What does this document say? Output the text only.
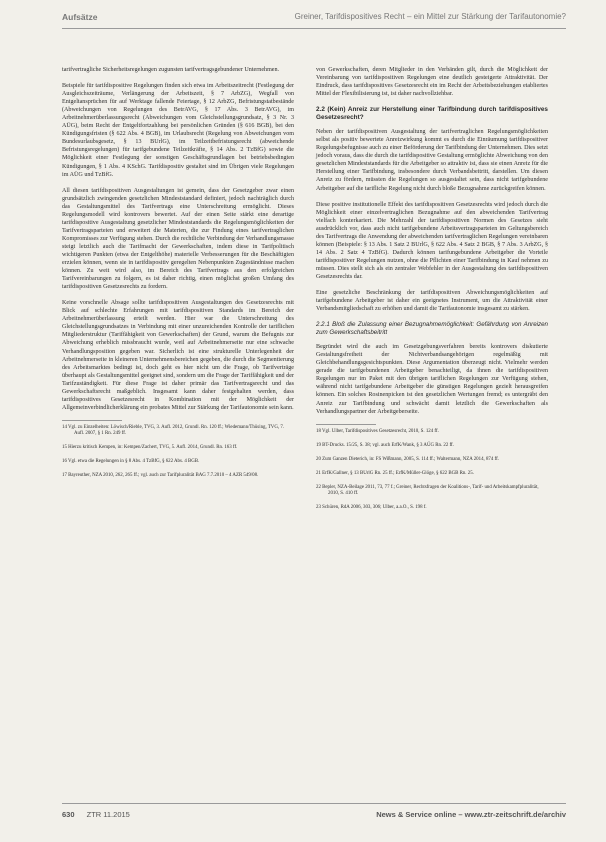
Aufsätze	Greiner, Tarifdispositives Recht – ein Mittel zur Stärkung der Tarifautonomie?

tarifvertragliche Sicherheitsregelungen zugunsten tarifvertragsgebundener Unternehmen.

Beispiele für tarifdispositive Regelungen finden sich etwa im Arbeitszeitrecht (Festlegung der Ausgleichszeiträume, Verlängerung der Arbeitszeit, § 7 ArbZG), Wegfall von Entgeltansprüchen für auf Werktage fallende Feiertage, § 12 ArbZG, Befristungstatbestände (Abweichungen von Regelungen des BetrAVG, § 17 Abs. 3 BetrAVG), im Arbeitnehmerüberlassungsrecht (Abweichungen vom Gleichstellungsgrundsatz, § 3 Nr. 3 AÜG), beim Recht der Entgeltfortzahlung bei persönlichen Gründen (§ 616 BGB), bei den Kündigungsfristen (§ 622 Abs. 4 BGB), im Urlaubsrecht (Regelung von Abweichungen vom Bundesurlaubsgesetz, § 13 BUrlG), im Teilzeitbefristungsrecht (abweichende Befristungsregelungen) für tarifgebundene Teilzeitkräfte, § 14 Abs. 2 TzBfG) sowie die Möglichkeit einer Festlegung der sonstigen Geschäftsgrundlagen bei betriebsbedingten Kündigungen, § 1 Abs. 4 KSchG. Tarifdispositiv gestaltet sind im Übrigen viele Regelungen im AÜG und TzBfG.

All diesen tarifdispositiven Ausgestaltungen ist gemein, dass der Gesetzgeber zwar einen grundsätzlich zwingenden gesetzlichen Mindeststandard definiert, jedoch nachträglich durch das Gestaltungsmittel des Tarifvertrags eine Unterschreitung ermöglicht. Dieses Regelungsmodell wird kontrovers bewertet. Auf der einen Seite stärkt eine derartige tarifdispositive Ausgestaltung gesetzlicher Mindeststandards die Regelungsmöglichkeiten der Tarifvertragsparteien und erweitert die Materien, die zur Findung eines tarifvertraglichen Kompromisses zur Verfügung stehen. Durch die rechtliche Verbindung der Verhandlungsmasse steigt letztlich auch die Tarifmacht der Gewerkschaften, indem diese in Tarifpolitisch wichtigeren Punkten (etwa der Entgelthöhe) materielle Verbesserungen für die Beschäftigten erzielen können, wenn sie in tarifdispositiv geregelten Nebenpunkten Zugeständnisse machen können. Zu weit wird also, im Bereich des Tarifvertrags aus den erfolgreichen Tarifvereinbarungen zu folgern, es ist daher richtig, einen möglichst großen Umfang des tarifdispositiven Gesetzesrechts zu fordern.

Keine vorschnelle Absage sollte tarifdispositiven Ausgestaltungen des Gesetzesrechts mit Blick auf schlechte Erfahrungen mit tarifdispositiven Standards im Bereich der Arbeitnehmerüberlassung erteilt werden. Hier war die Unterschreitung des Gleichstellungsgrundsatzes in Verbindung mit einer unzureichenden Kontrolle der tariflichen Mitgliederstruktur (Tariffähigkeit von Gewerkschaften) der Grund, warum die Befugnis zur Abweichung erheblich missbraucht wurde, weil auf Arbeitnehmerseite nur eine schwache Verhandlungsposition gegeben war. Sicherlich ist eine strukturelle Unterlegenheit der Arbeitnehmerseite in kleineren Unternehmensbereichen gegeben, die durch die Segmentierung des Arbeitsmarktes bedingt ist, doch geht es hier nicht um die Frage, ob Tarifverträge überhaupt als Gestaltungsmittel geeignet sind, sondern um die Frage der Tariffähigkeit und der Tarifzuständigkeit. Für diese Frage ist daher primär das Tarifvertragsrecht und das Gewerkschaftsrecht maßgeblich. Insgesamt kann daher festgehalten werden, dass tarifdispositives Gesetzesrecht in Kombination mit der Möglichkeit der Allgemeinverbindlicherklärung ein probates Mittel zur Stärkung der Tarifautonomie sein kann.

14 Vgl. zu Einzelheiten: Löwisch/Rieble, TVG, 3. Aufl. 2012, Grundl. Rn. 120 ff.; Wiedemann/Thüsing, TVG, 7. Aufl. 2007, § 1 Rn. 249 ff.

15 Hierzu kritisch Kempen, in: Kempen/Zachert, TVG, 5. Aufl. 2014, Grundl. Rn. 163 ff.

16 Vgl. etwa die Regelungen in § 8 Abs. 4 TzBfG, § 622 Abs. 4 BGB.

17 Bayreuther, NZA 2010, 262, 265 ff.; vgl. auch zur Tarifpluralität BAG 7.7.2010 – 4 AZR 549/08.

von Gewerkschaften, deren Mitglieder in den Verbänden gilt, durch die Möglichkeit der Vereinbarung von tarifdispositiven Regelungen eine deutlich gesteigerte Attraktivität. Der Eindruck, dass tarifdispositives Gesetzesrecht ein im Recht der Arbeitsbeziehungen etabliertes Mittel der Flexibilisierung ist, ist daher nachvollziehbar.

2.2 (Kein) Anreiz zur Herstellung einer Tarifbindung durch tarifdispositives Gesetzesrecht?

Neben der tarifdispositiven Ausgestaltung der tarifvertraglichen Regelungsmöglichkeiten selbst als positiv bewertete Anreizwirkung kommt es durch die Einräumung tarifdispositiver Regelungsbefugnisse auch zu einer Beförderung der Tarifbindung der Unternehmen. Dies setzt jedoch voraus, dass die durch die tarifdispositive Gestaltung ermöglichte Abweichung von den gesetzlichen Mindeststandards für die Arbeitgeber so attraktiv ist, dass sie einen Anreiz für die Herstellung einer Tarifbindung, insbesondere durch Verbandsbeitritt, darstellen. Um diesen Anreiz zu fördern, müssten die Regelungen so ausgestaltet sein, dass nicht tarifgebundene Arbeitgeber auf die tarifliche Regelung nicht durch bloße Bezugnahme zurückgreifen können.

Diese positive institutionelle Effekt des tarifdispositiven Gesetzesrechts wird jedoch durch die Möglichkeit einer einzelvertraglichen Bezugnahme auf den abweichenden Tarifvertrag vielfach konterkariert. Die Mehrzahl der tarifdispositiven Normen des Gesetzes sieht ausdrücklich vor, dass auch nicht tarifgebundene Arbeitsvertragsparteien im Geltungsbereich des Tarifvertrags die Anwendung der abweichenden tarifvertraglichen Regelungen vereinbaren können (Beispiele: § 13 Abs. 1 Satz 2 BUrlG, § 622 Abs. 4 Satz 2 BGB, § 7 Abs. 3 ArbZG, § 14 Abs. 2 Satz 4 TzBfG). Dadurch können tarifungebundene Arbeitgeber die Vorteile tarifdispositiver Regelungen nutzen, ohne die Pflichten einer Tarifbindung in Kauf nehmen zu müssen. Dies stellt sich als ein zentraler Webfehler in der Ausgestaltung des tarifdispositiven Gesetzesrechts dar.

Eine gesetzliche Beschränkung der tarifdispositiven Abweichungsmöglichkeiten auf tarifgebundene Arbeitgeber ist daher ein geeignetes Instrument, um die Attraktivität einer Verbandsmitgliedschaft zu erhöhen und damit die Tarifautonomie insgesamt zu stärken.

2.2.1 Bloß die Zulassung einer Bezugnahmemöglichkeit: Gefährdung von Anreizen zum Gewerkschaftsbeitritt

Begründet wird die auch im Gesetzgebungsverfahren bereits kontrovers diskutierte Gestaltungsfreiheit der Nichtverbandsangehörigen regelmäßig mit Gleichbehandlungsgesichtspunkten. Diese Argumentation überzeugt nicht. Vielmehr werden gerade die tarifgebundenen Arbeitgeber benachteiligt, da ihnen die tarifdispositiven Regelungen nur im Paket mit den übrigen tariflichen Regelungen zur Verfügung stehen, während nicht tarifgebundene Arbeitgeber die günstigen Regelungen gezielt herausgreifen können. Ein solches Rosinenpicken ist den gesetzlichen Wertungen fremd; es untergräbt den Anreiz zur Tarifbindung und schwächt damit letztlich die Gewerkschaften als Verhandlungspartner der Arbeitgeberseite.

18 Vgl. Ulber, Tarifdispositives Gesetzesrecht, 2010, S. 124 ff.

19 BT-Drucks. 15/25, S. 38; vgl. auch ErfK/Wank, § 3 AÜG Rn. 22 ff.

20 Zum Ganzen Dieterich, in: FS Wißmann, 2005, S. 114 ff.; Waltermann, NZA 2014, 874 ff.

21 ErfK/Gallner, § 13 BUrlG Rn. 25 ff.; ErfK/Müller-Glöge, § 622 BGB Rn. 25.

22 Bepler, NZA-Beilage 2011, 73, 77 f.; Greiner, Rechtsfragen der Koalitions-, Tarif- und Arbeitskampfpluralität, 2010, S. 410 ff.

23 Schüren, RdA 2006, 303, 306; Ulber, a.a.O., S. 198 f.

630 ZTR 11.2015	News & Service online – www.ztr-zeitschrift.de/archiv
